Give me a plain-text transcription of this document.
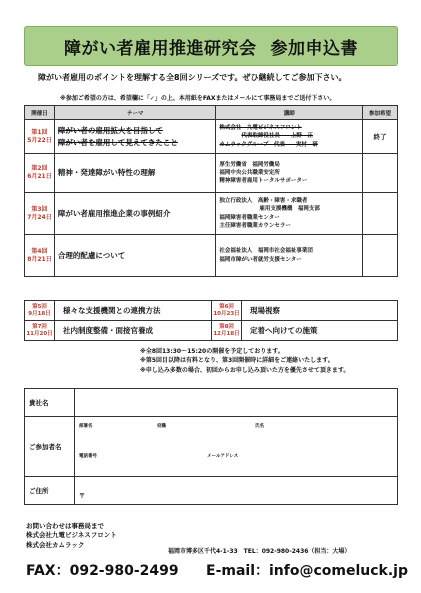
障がい者雇用推進研究会 参加申込書
障がい者雇用のポイントを理解する全8回シリーズです。ぜひ継続してご参加下さい。
※参加ご希望の方は、希望欄に「✓」の上、本用紙をFAXまたはメールにて事務局までご送付下さい。
開催日	テーマ	講師	参加希望
第1回
5月22日	障がい者の雇用拡大を目指して
障がい者を雇用して見えてきたこと	株式会社　九電ビジネスフロント
代表取締役社長　　上野　正
カムラックグループ　代表　　実村　研	終了
第2回
6月21日	精神・発達障がい特性の理解	厚生労働省　福岡労働局
福岡中央公共職業安定所
精神障害者雇用トータルサポーター	
第3回
7月24日	障がい者雇用推進企業の事例紹介	独立行政法人　高齢・障害・求職者
雇用支援機構　福岡支部
福岡障害者職業センター
主任障害者職業カウンセラー	
第4回
8月21日	合理的配慮について	社会福祉法人　福岡市社会福祉事業団
福岡市障がい者就労支援センター	
第5回
9月18日	様々な支援機関との連携方法	第6回
10月23日	現場視察
第7回
11月20日	社内制度整備・面接官養成	第8回
12月18日	定着へ向けての施策
※全8回13:30～15:20の開催を予定しております。
※第5回目以降は有料となり、第3回開催時に詳細をご連絡いたします。
※申し込み多数の場合、初回からお申し込み頂いた方を優先させて頂きます。
貴社名	
ご参加者名	部署名 役職 氏名
電話番号 メールアドレス

ご住所	〒
お問い合わせは事務局まで
株式会社九電ビジネスフロント
株式会社カムラック
福岡市博多区千代4-1-33　TEL：092-980-2436（担当：大場）
FAX：092-980-2499 E-mail：info@comeluck.jp
